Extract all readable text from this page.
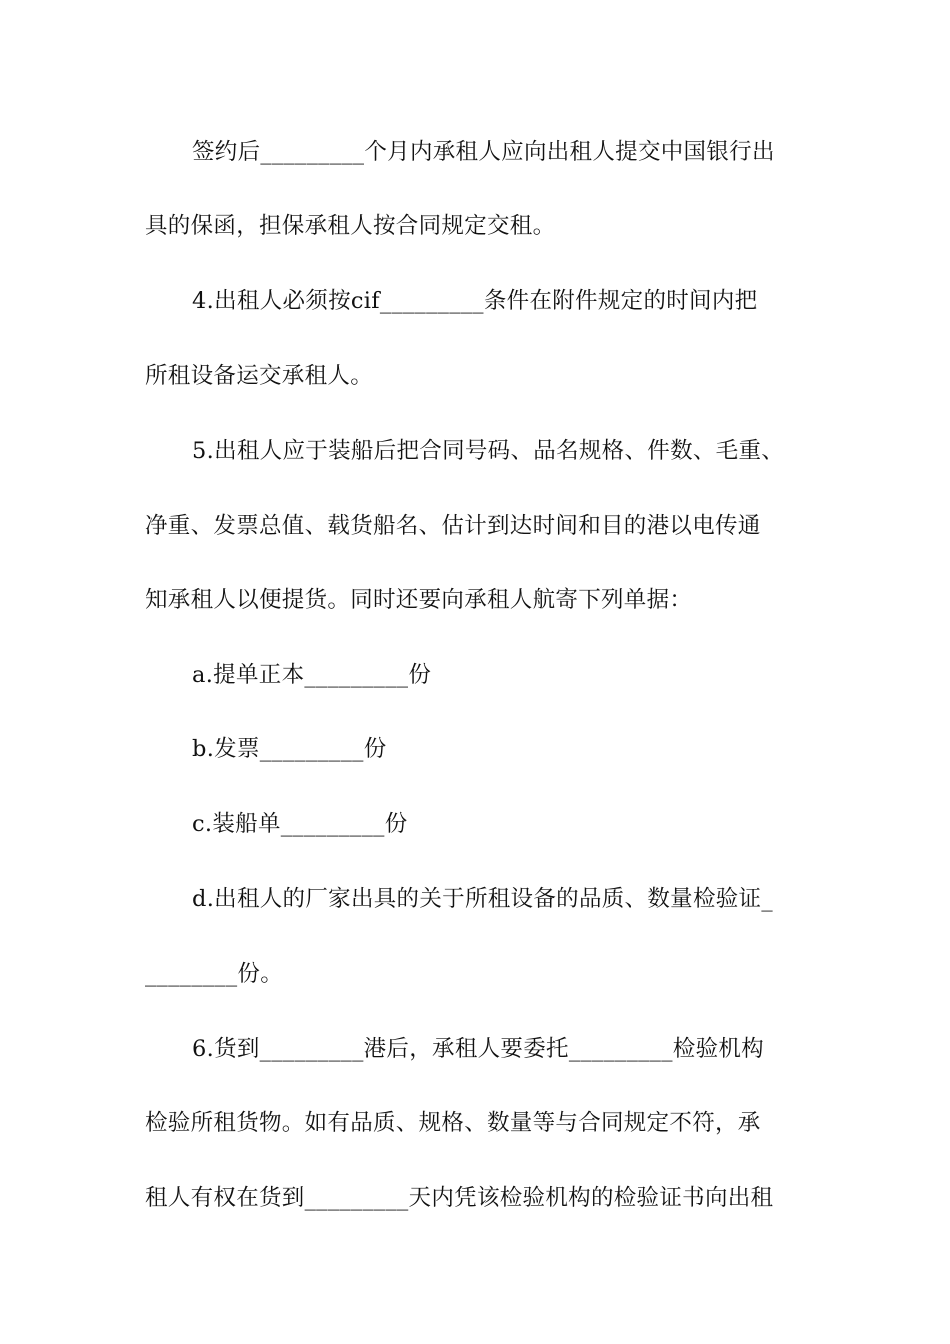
签约后_________个月内承租人应向出租人提交中国银行出

具的保函，担保承租人按合同规定交租。

4.出租人必须按cif_________条件在附件规定的时间内把

所租设备运交承租人。

5.出租人应于装船后把合同号码、品名规格、件数、毛重、

净重、发票总值、载货船名、估计到达时间和目的港以电传通

知承租人以便提货。同时还要向承租人航寄下列单据：

a.提单正本_________份

b.发票_________份

c.装船单_________份

d.出租人的厂家出具的关于所租设备的品质、数量检验证_

________份。

6.货到_________港后，承租人要委托_________检验机构

检验所租货物。如有品质、规格、数量等与合同规定不符，承

租人有权在货到_________天内凭该检验机构的检验证书向出租
